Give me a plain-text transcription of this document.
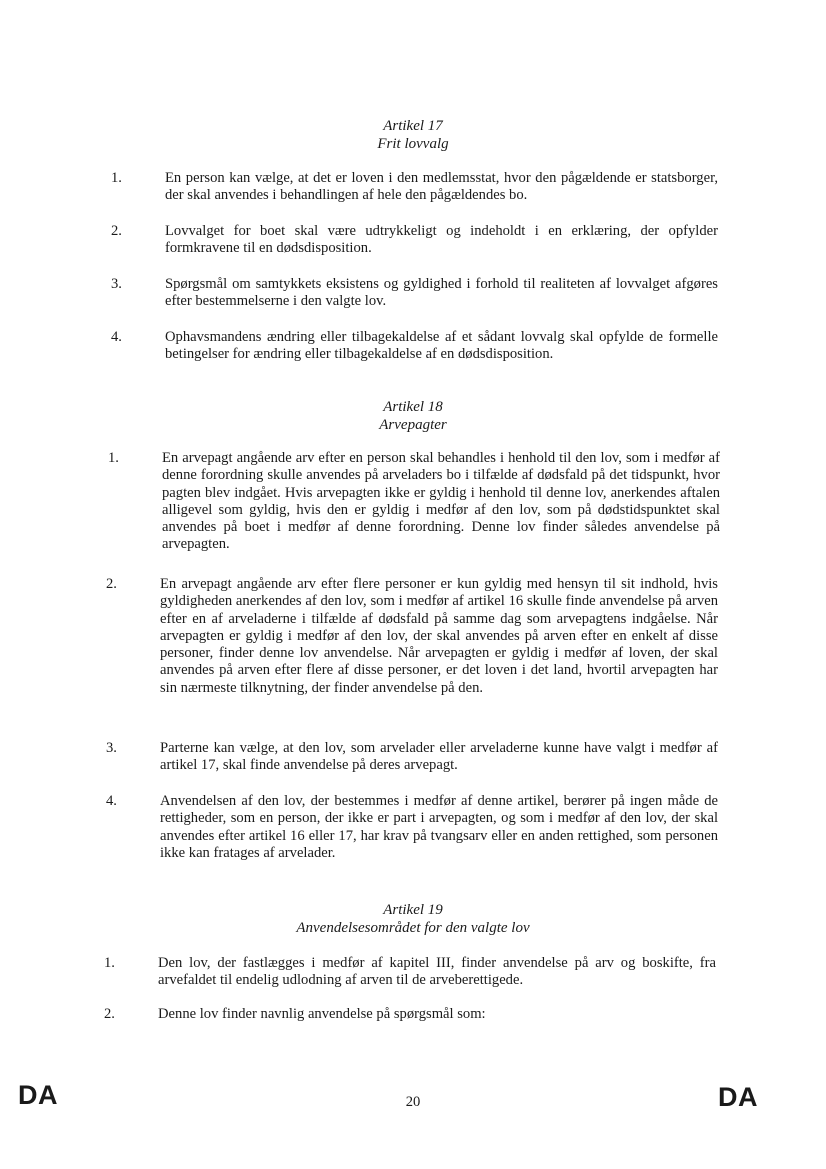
Artikel 17
Frit lovvalg
1.	En person kan vælge, at det er loven i den medlemsstat, hvor den pågældende er statsborger, der skal anvendes i behandlingen af hele den pågældendes bo.
2.	Lovvalget for boet skal være udtrykkeligt og indeholdt i en erklæring, der opfylder formkravene til en dødsdisposition.
3.	Spørgsmål om samtykkets eksistens og gyldighed i forhold til realiteten af lovvalget afgøres efter bestemmelserne i den valgte lov.
4.	Ophavsmandens ændring eller tilbagekaldelse af et sådant lovvalg skal opfylde de formelle betingelser for ændring eller tilbagekaldelse af en dødsdisposition.
Artikel 18
Arvepagter
1.	En arvepagt angående arv efter en person skal behandles i henhold til den lov, som i medfør af denne forordning skulle anvendes på arveladers bo i tilfælde af dødsfald på det tidspunkt, hvor pagten blev indgået. Hvis arvepagten ikke er gyldig i henhold til denne lov, anerkendes aftalen alligevel som gyldig, hvis den er gyldig i medfør af den lov, som på dødstidspunktet skal anvendes på boet i medfør af denne forordning. Denne lov finder således anvendelse på arvepagten.
2.	En arvepagt angående arv efter flere personer er kun gyldig med hensyn til sit indhold, hvis gyldigheden anerkendes af den lov, som i medfør af artikel 16 skulle finde anvendelse på arven efter en af arveladerne i tilfælde af dødsfald på samme dag som arvepagtens indgåelse. Når arvepagten er gyldig i medfør af den lov, der skal anvendes på arven efter en enkelt af disse personer, finder denne lov anvendelse. Når arvepagten er gyldig i medfør af loven, der skal anvendes på arven efter flere af disse personer, er det loven i det land, hvortil arvepagten har sin nærmeste tilknytning, der finder anvendelse på den.
3.	Parterne kan vælge, at den lov, som arvelader eller arveladerne kunne have valgt i medfør af artikel 17, skal finde anvendelse på deres arvepagt.
4.	Anvendelsen af den lov, der bestemmes i medfør af denne artikel, berører på ingen måde de rettigheder, som en person, der ikke er part i arvepagten, og som i medfør af den lov, der skal anvendes efter artikel 16 eller 17, har krav på tvangsarv eller en anden rettighed, som personen ikke kan fratages af arvelader.
Artikel 19
Anvendelsesområdet for den valgte lov
1.	Den lov, der fastlægges i medfør af kapitel III, finder anvendelse på arv og boskifte, fra arvefaldet til endelig udlodning af arven til de arveberettigede.
2.	Denne lov finder navnlig anvendelse på spørgsmål som:
DA	20	DA
